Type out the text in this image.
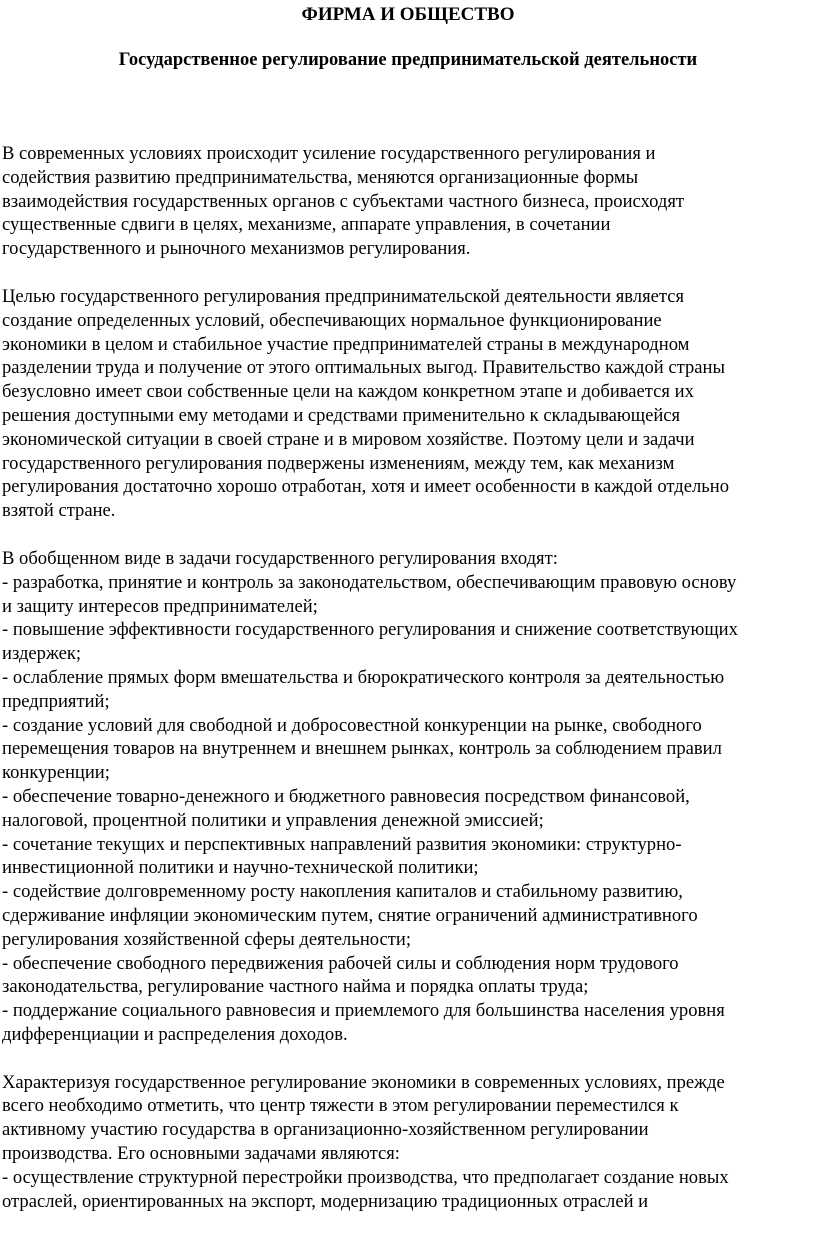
ФИРМА И ОБЩЕСТВО
Государственное регулирование предпринимательской деятельности

В современных условиях происходит усиление государственного регулирования и
содействия развитию предпринимательства, меняются организационные формы
взаимодействия государственных органов с субъектами частного бизнеса, происходят
существенные сдвиги в целях, механизме, аппарате управления, в сочетании
государственного и рыночного механизмов регулирования.

Целью государственного регулирования предпринимательской деятельности является
создание определенных условий, обеспечивающих нормальное функционирование
экономики в целом и стабильное участие предпринимателей страны в международном
разделении труда и получение от этого оптимальных выгод. Правительство каждой страны
безусловно имеет свои собственные цели на каждом конкретном этапе и добивается их
решения доступными ему методами и средствами применительно к складывающейся
экономической ситуации в своей стране и в мировом хозяйстве. Поэтому цели и задачи
государственного регулирования подвержены изменениям, между тем, как механизм
регулирования достаточно хорошо отработан, хотя и имеет особенности в каждой отдельно
взятой стране.

В обобщенном виде в задачи государственного регулирования входят:
- разработка, принятие и контроль за законодательством, обеспечивающим правовую основу
и защиту интересов предпринимателей;
- повышение эффективности государственного регулирования и снижение соответствующих
издержек;
- ослабление прямых форм вмешательства и бюрократического контроля за деятельностью
предприятий;
- создание условий для свободной и добросовестной конкуренции на рынке, свободного
перемещения товаров на внутреннем и внешнем рынках, контроль за соблюдением правил
конкуренции;
- обеспечение товарно-денежного и бюджетного равновесия посредством финансовой,
налоговой, процентной политики и управления денежной эмиссией;
- сочетание текущих и перспективных направлений развития экономики: структурно-
инвестиционной политики и научно-технической политики;
- содействие долговременному росту накопления капиталов и стабильному развитию,
сдерживание инфляции экономическим путем, снятие ограничений административного
регулирования хозяйственной сферы деятельности;
- обеспечение свободного передвижения рабочей силы и соблюдения норм трудового
законодательства, регулирование частного найма и порядка оплаты труда;
- поддержание социального равновесия и приемлемого для большинства населения уровня
дифференциации и распределения доходов.

Характеризуя государственное регулирование экономики в современных условиях, прежде
всего необходимо отметить, что центр тяжести в этом регулировании переместился к
активному участию государства в организационно-хозяйственном регулировании
производства. Его основными задачами являются:
- осуществление структурной перестройки производства, что предполагает создание новых
отраслей, ориентированных на экспорт, модернизацию традиционных отраслей и
